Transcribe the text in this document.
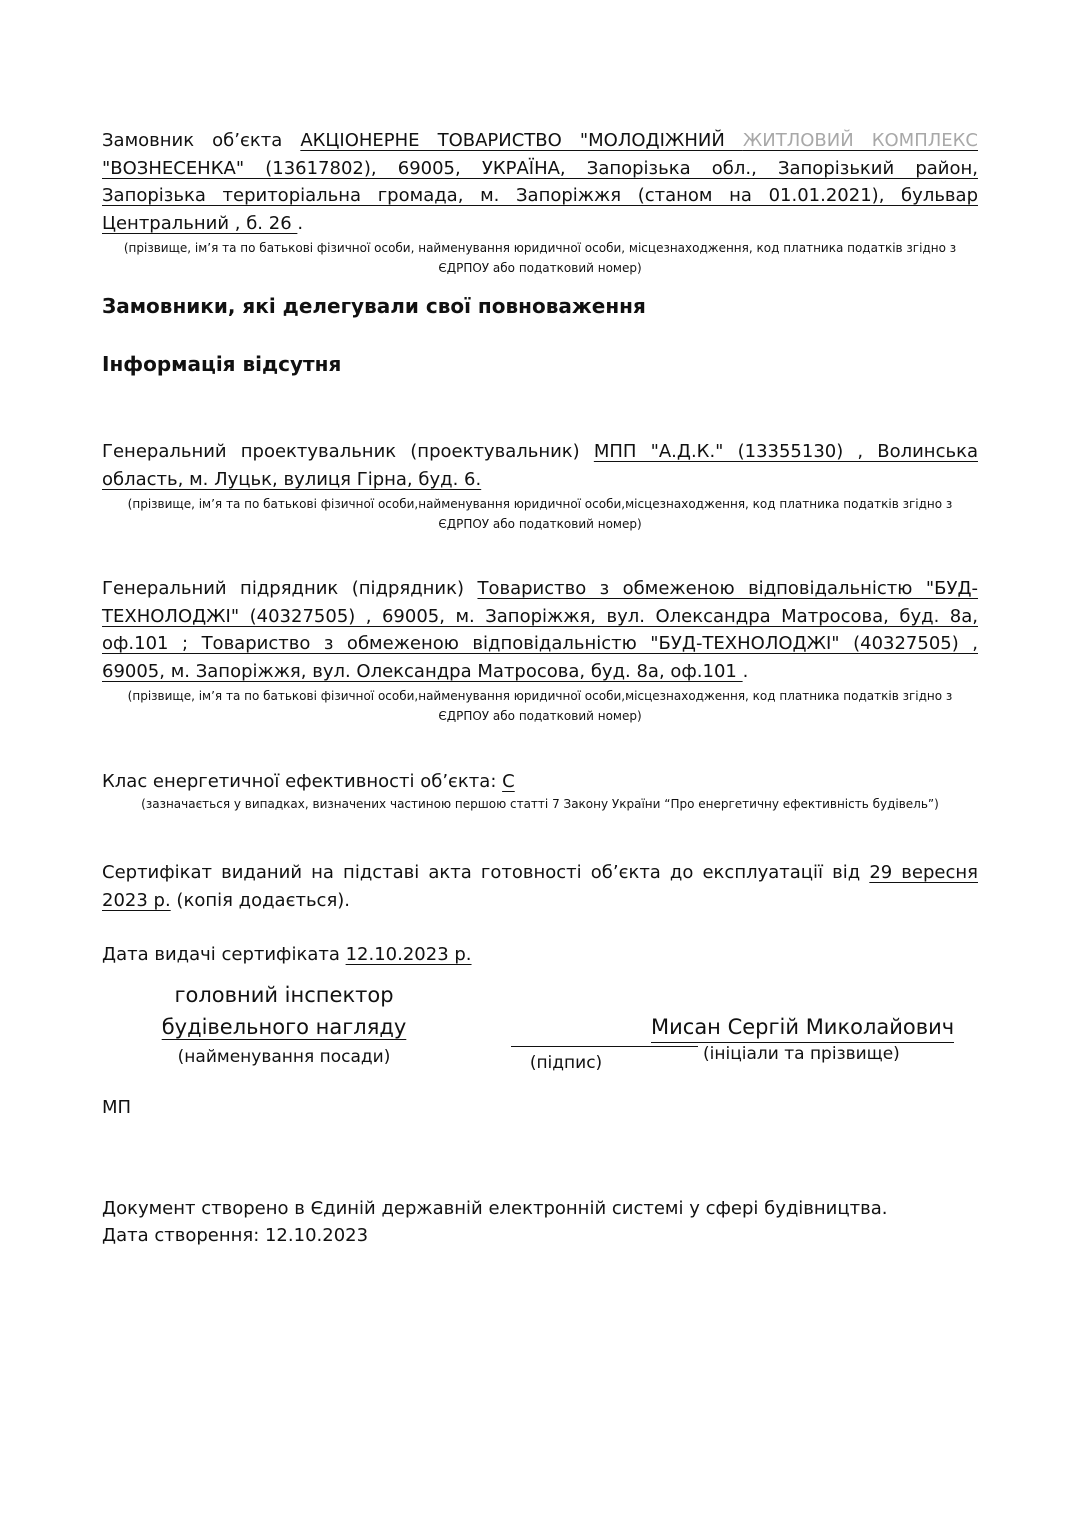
Замовник об’єкта АКЦІОНЕРНЕ ТОВАРИСТВО "МОЛОДІЖНИЙ ЖИТЛОВИЙ КОМПЛЕКС "ВОЗНЕСЕНКА" (13617802), 69005, УКРАЇНА, Запорізька обл., Запорізький район, Запорізька територіальна громада, м. Запоріжжя (станом на 01.01.2021), бульвар Центральний , б. 26 .

(прізвище, ім’я та по батькові фізичної особи, найменування юридичної особи, місцезнаходження, код платника податків згідно з ЄДРПОУ або податковий номер)

Замовники, які делегували свої повноваження

Інформація відсутня

Генеральний проектувальник (проектувальник) МПП "А.Д.К." (13355130) , Волинська область, м. Луцьк, вулиця Гірна, буд. 6.

(прізвище, ім’я та по батькові фізичної особи,найменування юридичної особи,місцезнаходження, код платника податків згідно з ЄДРПОУ або податковий номер)

Генеральний підрядник (підрядник) Товариство з обмеженою відповідальністю "БУД-ТЕХНОЛОДЖІ" (40327505) , 69005, м. Запоріжжя, вул. Олександра Матросова, буд. 8а, оф.101 ; Товариство з обмеженою відповідальністю "БУД-ТЕХНОЛОДЖІ" (40327505) , 69005, м. Запоріжжя, вул. Олександра Матросова, буд. 8а, оф.101 .

(прізвище, ім’я та по батькові фізичної особи,найменування юридичної особи,місцезнаходження, код платника податків згідно з ЄДРПОУ або податковий номер)

Клас енергетичної ефективності об’єкта: C

(зазначається у випадках, визначених частиною першою статті 7 Закону України “Про енергетичну ефективність будівель”)

Сертифікат виданий на підставі акта готовності об’єкта до експлуатації від 29 вересня 2023 р. (копія додається).

Дата видачі сертифіката 12.10.2023 р.

головний інспектор
будівельного нагляду
(найменування посади)	(підпис)
Мисан Сергій Миколайович
(ініціали та прізвище)
МП

Документ створено в Єдиній державній електронній системі у сфері будівництва.

Дата створення: 12.10.2023
